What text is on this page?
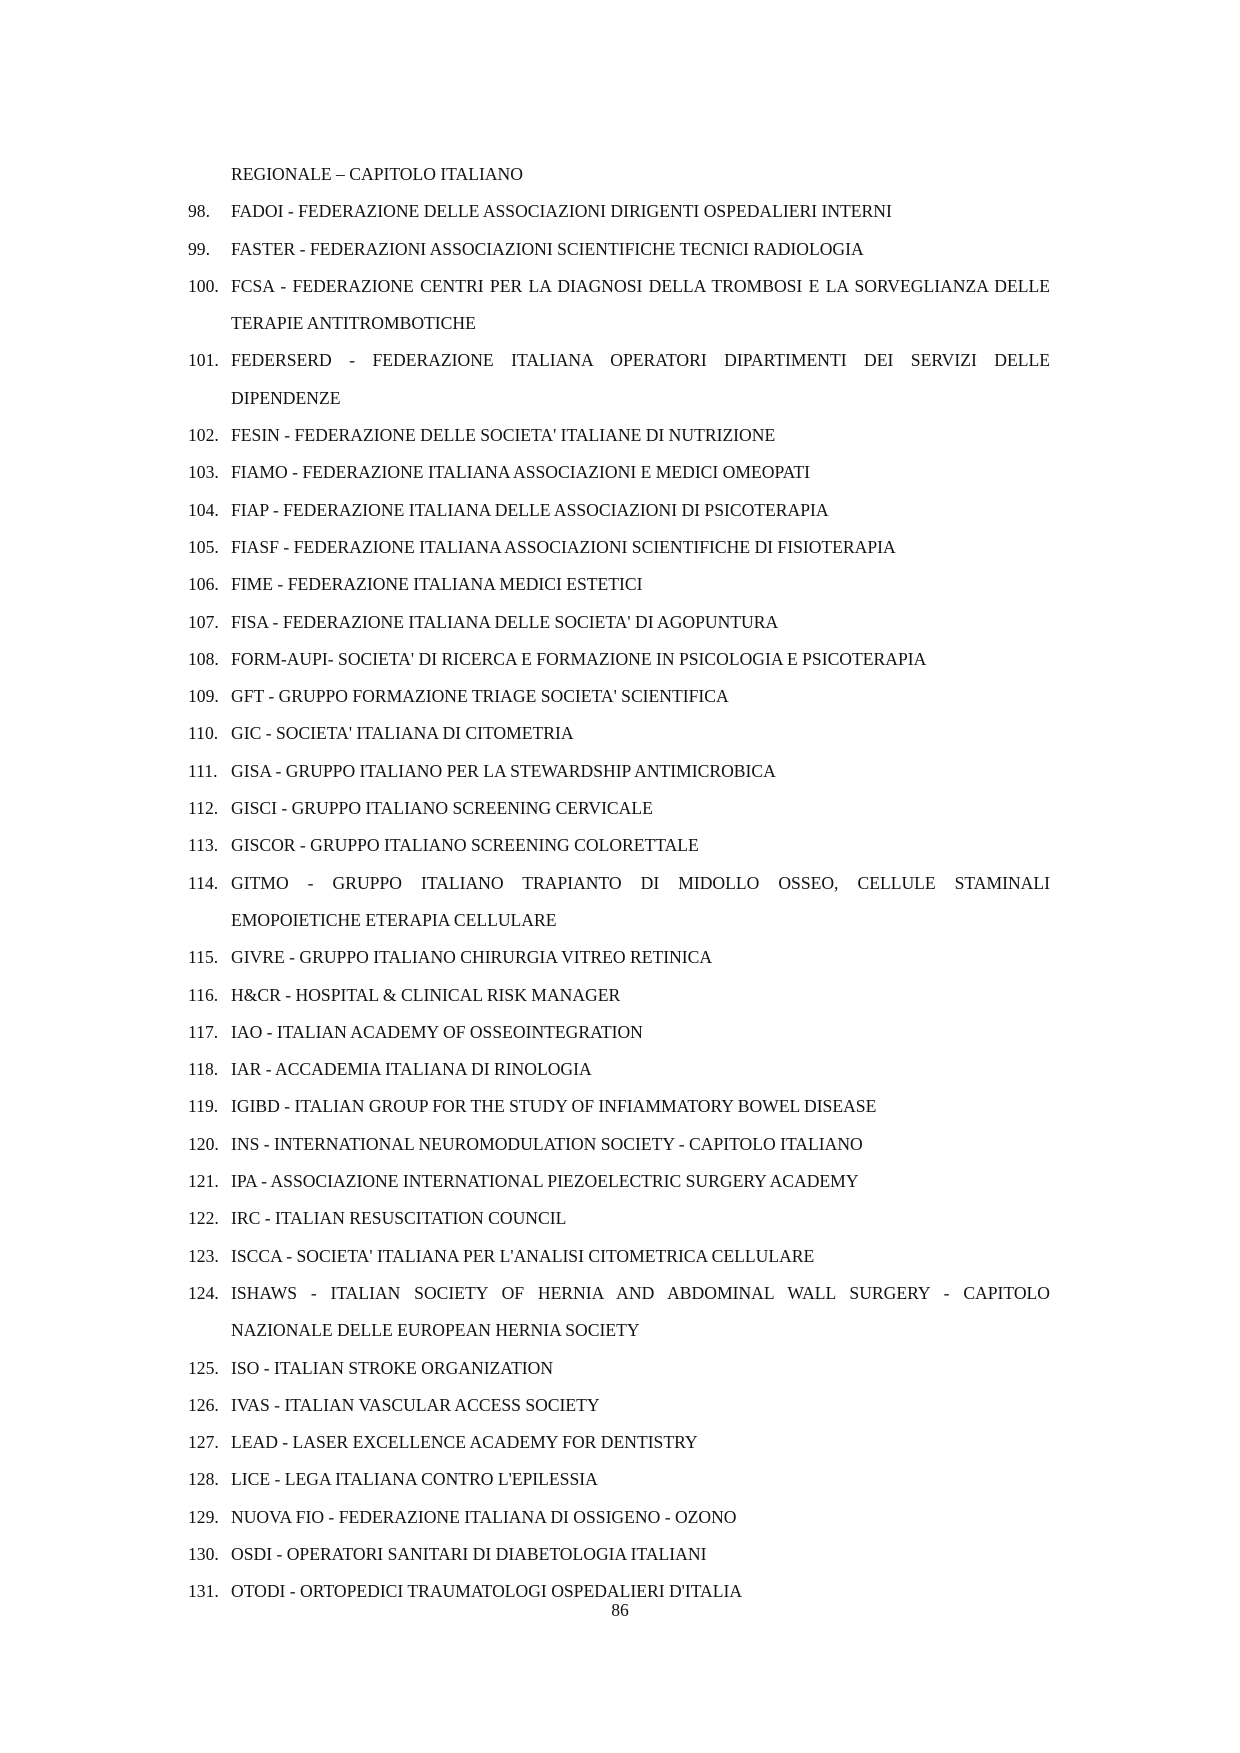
REGIONALE – CAPITOLO ITALIANO
98.	FADOI - FEDERAZIONE DELLE ASSOCIAZIONI DIRIGENTI OSPEDALIERI INTERNI
99.	FASTER - FEDERAZIONI ASSOCIAZIONI SCIENTIFICHE TECNICI RADIOLOGIA
100. FCSA - FEDERAZIONE CENTRI PER LA DIAGNOSI DELLA TROMBOSI E LA SORVEGLIANZA DELLE TERAPIE ANTITROMBOTICHE
101. FEDERSERD - FEDERAZIONE ITALIANA OPERATORI DIPARTIMENTI DEI SERVIZI DELLE DIPENDENZE
102. FESIN - FEDERAZIONE DELLE SOCIETA' ITALIANE DI NUTRIZIONE
103. FIAMO - FEDERAZIONE ITALIANA ASSOCIAZIONI E MEDICI OMEOPATI
104. FIAP - FEDERAZIONE ITALIANA DELLE ASSOCIAZIONI DI PSICOTERAPIA
105. FIASF - FEDERAZIONE ITALIANA ASSOCIAZIONI SCIENTIFICHE DI FISIOTERAPIA
106. FIME - FEDERAZIONE ITALIANA MEDICI ESTETICI
107. FISA - FEDERAZIONE ITALIANA DELLE SOCIETA' DI AGOPUNTURA
108. FORM-AUPI- SOCIETA' DI RICERCA E FORMAZIONE IN PSICOLOGIA E PSICOTERAPIA
109. GFT - GRUPPO FORMAZIONE TRIAGE SOCIETA' SCIENTIFICA
110. GIC - SOCIETA' ITALIANA DI CITOMETRIA
111. GISA - GRUPPO ITALIANO PER LA STEWARDSHIP ANTIMICROBICA
112. GISCI - GRUPPO ITALIANO SCREENING CERVICALE
113. GISCOR - GRUPPO ITALIANO SCREENING COLORETTALE
114. GITMO - GRUPPO ITALIANO TRAPIANTO DI MIDOLLO OSSEO, CELLULE STAMINALI EMOPOIETICHE ETERAPIA CELLULARE
115. GIVRE - GRUPPO ITALIANO CHIRURGIA VITREO RETINICA
116. H&CR - HOSPITAL & CLINICAL RISK MANAGER
117. IAO - ITALIAN ACADEMY OF OSSEOINTEGRATION
118. IAR - ACCADEMIA ITALIANA DI RINOLOGIA
119. IGIBD - ITALIAN GROUP FOR THE STUDY OF INFIAMMATORY BOWEL DISEASE
120. INS - INTERNATIONAL NEUROMODULATION SOCIETY - CAPITOLO ITALIANO
121. IPA - ASSOCIAZIONE INTERNATIONAL PIEZOELECTRIC SURGERY ACADEMY
122. IRC - ITALIAN RESUSCITATION COUNCIL
123. ISCCA - SOCIETA' ITALIANA PER L'ANALISI CITOMETRICA CELLULARE
124. ISHAWS - ITALIAN SOCIETY OF HERNIA AND ABDOMINAL WALL SURGERY - CAPITOLO NAZIONALE DELLE EUROPEAN HERNIA SOCIETY
125. ISO - ITALIAN STROKE ORGANIZATION
126. IVAS - ITALIAN VASCULAR ACCESS SOCIETY
127. LEAD - LASER EXCELLENCE ACADEMY FOR DENTISTRY
128. LICE - LEGA ITALIANA CONTRO L'EPILESSIA
129. NUOVA FIO - FEDERAZIONE ITALIANA DI OSSIGENO - OZONO
130. OSDI - OPERATORI SANITARI DI DIABETOLOGIA ITALIANI
131. OTODI - ORTOPEDICI TRAUMATOLOGI OSPEDALIERI D'ITALIA
86
